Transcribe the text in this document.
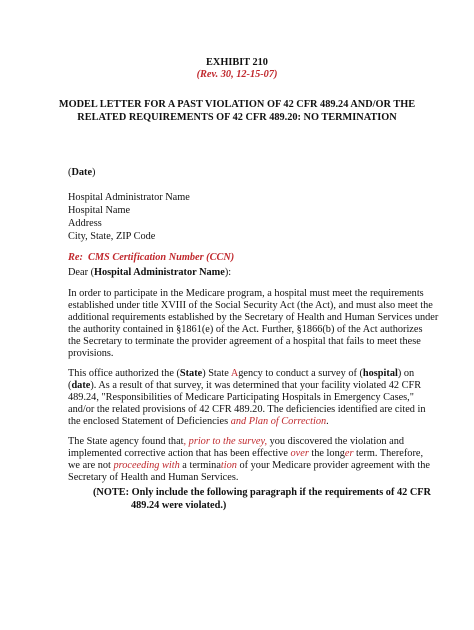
EXHIBIT 210
(Rev. 30, 12-15-07)
MODEL LETTER FOR A PAST VIOLATION OF 42 CFR 489.24 AND/OR THE
RELATED REQUIREMENTS OF 42 CFR 489.20: NO TERMINATION
(Date)
Hospital Administrator Name
Hospital Name
Address
City, State, ZIP Code
Re: CMS Certification Number (CCN)
Dear (Hospital Administrator Name):
In order to participate in the Medicare program, a hospital must meet the requirements
established under title XVIII of the Social Security Act (the Act), and must also meet the
additional requirements established by the Secretary of Health and Human Services under
the authority contained in §1861(e) of the Act. Further, §1866(b) of the Act authorizes
the Secretary to terminate the provider agreement of a hospital that fails to meet these
provisions.
This office authorized the (State) State Agency to conduct a survey of (hospital) on
(date). As a result of that survey, it was determined that your facility violated 42 CFR
489.24, "Responsibilities of Medicare Participating Hospitals in Emergency Cases,"
and/or the related provisions of 42 CFR 489.20. The deficiencies identified are cited in
the enclosed Statement of Deficiencies and Plan of Correction.
The State agency found that, prior to the survey, you discovered the violation and
implemented corrective action that has been effective over the longer term. Therefore,
we are not proceeding with a termination of your Medicare provider agreement with the
Secretary of Health and Human Services.
(NOTE: Only include the following paragraph if the requirements of 42 CFR
489.24 were violated.)
